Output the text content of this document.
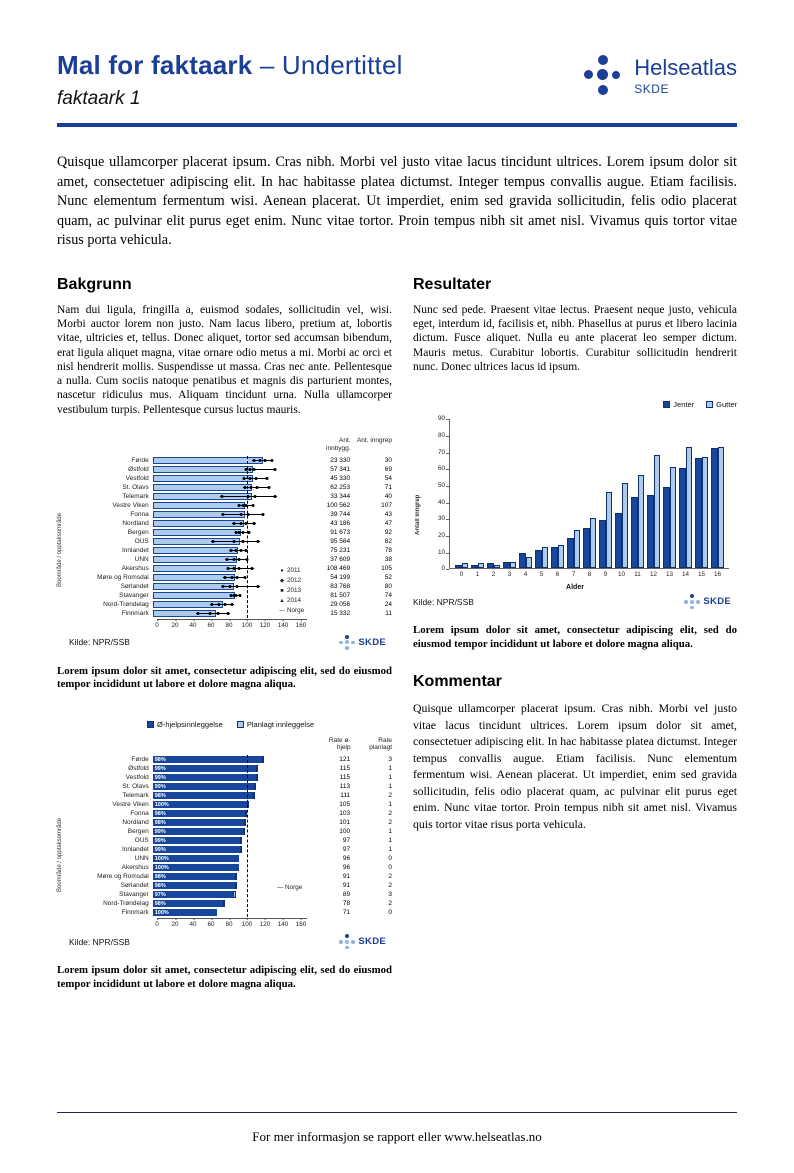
Mal for faktaark – Undertittel
faktaark 1
Helseatlas
SKDE

Quisque ullamcorper placerat ipsum. Cras nibh. Morbi vel justo vitae lacus tincidunt ultrices. Lorem ipsum dolor sit amet, consectetuer adipiscing elit. In hac habitasse platea dictumst. Integer tempus convallis augue. Etiam facilisis. Nunc elementum fermentum wisi. Aenean placerat. Ut imperdiet, enim sed gravida sollicitudin, felis odio placerat quam, ac pulvinar elit purus eget enim. Nunc vitae tortor. Proin tempus nibh sit amet nisl. Vivamus quis tortor vitae risus porta vehicula.

Bakgrunn

Nam dui ligula, fringilla a, euismod sodales, sollicitudin vel, wisi. Morbi auctor lorem non justo. Nam lacus libero, pretium at, lobortis vitae, ultricies et, tellus. Donec aliquet, tortor sed accumsan bibendum, erat ligula aliquet magna, vitae ornare odio metus a mi. Morbi ac orci et nisl hendrerit mollis. Suspendisse ut massa. Cras nec ante. Pellentesque a nulla. Cum sociis natoque penatibus et magnis dis parturient montes, nascetur ridiculus mus. Aliquam tincidunt urna. Nulla ullamcorper vestibulum turpis. Pellentesque cursus luctus mauris.

Boområde / opptaksområde
Ant. innbygg.
Ant. inngrep
Førde	23 330	30
Østfold	57 341	69
Vestfold	45 330	54
St. Olavs	62 253	71
Telemark	33 344	40
Vestre Viken	100 562	107
Fonna	39 744	43
Nordland	43 186	47
Bergen	91 673	92
OUS	95 564	82
Innlandet	75 231	78
UNN	37 609	38
Akershus	108 469	105
Møre og Romsdal	54 199	52
Sørlandet	83 768	80
Stavanger	81 507	74
Nord-Trøndelag	29 056	24
Finnmark	15 332	11
● 2011
◆ 2012
■ 2013
▲ 2014
— Norge
0 20 40 60 80 100 120 140 160
Kilde: NPR/SSB	SKDE

Lorem ipsum dolor sit amet, consectetur adipiscing elit, sed do eiusmod tempor incididunt ut labore et dolore magna aliqua.

Boområde / opptaksområde
Ø-hjelpsinnleggelse	Planlagt innleggelse
Rate ø-hjelp
Rate planlagt
Førde	98%	121	3
Østfold	99%	115	1
Vestfold	99%	115	1
St. Olavs	99%	113	1
Telemark	98%	111	2
Vestre Viken	100%	105	1
Fonna	98%	103	2
Nordland	98%	101	2
Bergen	99%	100	1
OUS	99%	97	1
Innlandet	99%	97	1
UNN	100%	96	0
Akershus	100%	96	0
Møre og Romsdal	98%	91	2
Sørlandet	98%	91	2
Stavanger	97%	89	3
Nord-Trøndelag	98%	78	2
Finnmark	100%	71	0
— Norge
0 20 40 60 80 100 120 140 160
Kilde: NPR/SSB	SKDE

Lorem ipsum dolor sit amet, consectetur adipiscing elit, sed do eiusmod tempor incididunt ut labore et dolore magna aliqua.

Resultater

Nunc sed pede. Praesent vitae lectus. Praesent neque justo, vehicula eget, interdum id, facilisis et, nibh. Phasellus at purus et libero lacinia dictum. Fusce aliquet. Nulla eu ante placerat leo semper dictum. Mauris metus. Curabitur lobortis. Curabitur sollicitudin hendrerit nunc. Donec ultrices lacus id ipsum.

Jenter	Gutter
Antall inngrep
0
10
20
30
40
50
60
70
80
90
0	1	2	3	4	5	6	7	8	9	10	11	12	13	14	15	16
Alder
Kilde: NPR/SSB	SKDE

Lorem ipsum dolor sit amet, consectetur adipiscing elit, sed do eiusmod tempor incididunt ut labore et dolore magna aliqua.

Kommentar

Quisque ullamcorper placerat ipsum. Cras nibh. Morbi vel justo vitae lacus tincidunt ultrices. Lorem ipsum dolor sit amet, consectetuer adipiscing elit. In hac habitasse platea dictumst. Integer tempus convallis augue. Etiam facilisis. Nunc elementum fermentum wisi. Aenean placerat. Ut imperdiet, enim sed gravida sollicitudin, felis odio placerat quam, ac pulvinar elit purus eget enim. Nunc vitae tortor. Proin tempus nibh sit amet nisl. Vivamus quis tortor vitae risus porta vehicula.

For mer informasjon se rapport eller www.helseatlas.no
